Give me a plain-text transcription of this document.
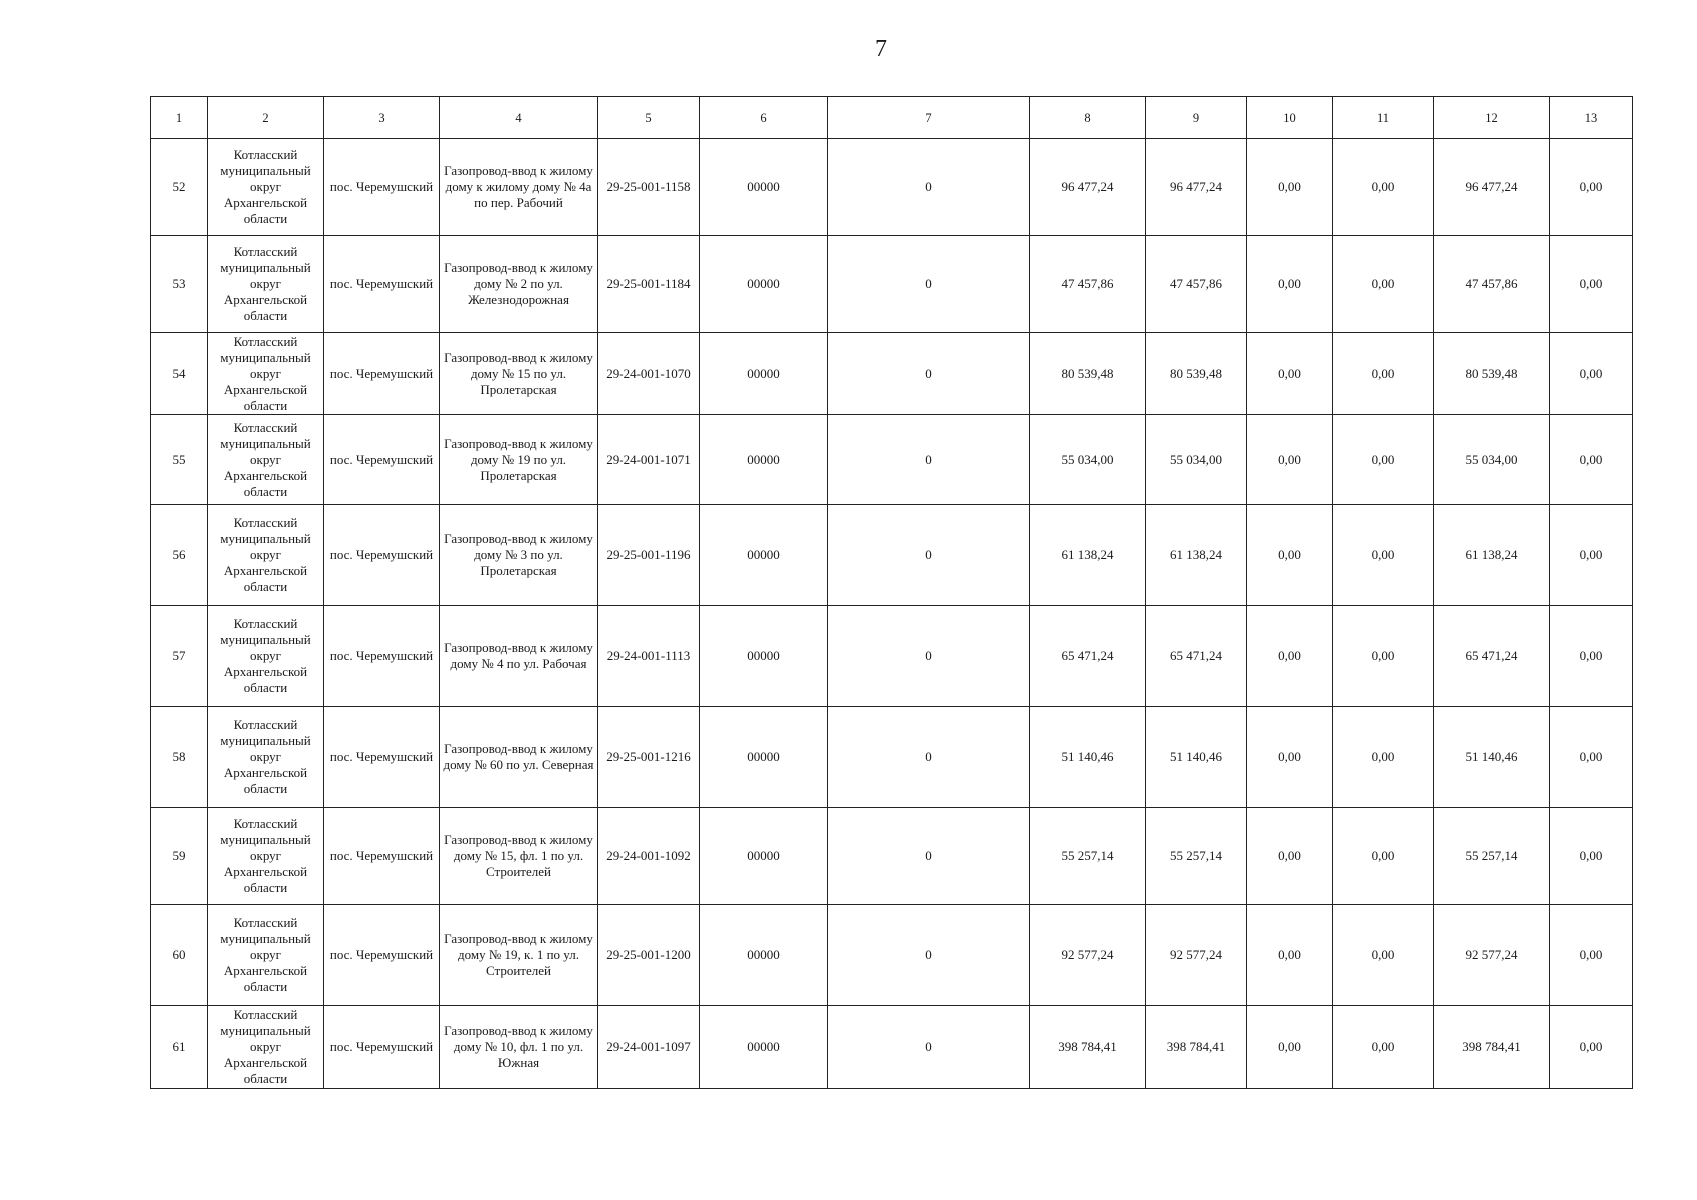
7
1	2	3	4	5	6	7	8	9	10	11	12	13
52	Котласский муниципальный округ Архангельской области	пос. Черемушский	Газопровод-ввод к жилому дому к жилому дому № 4а по пер. Рабочий	29-25-001-1158	00000	0	96 477,24	96 477,24	0,00	0,00	96 477,24	0,00
53	Котласский муниципальный округ Архангельской области	пос. Черемушский	Газопровод-ввод к жилому дому № 2 по ул. Железнодорожная	29-25-001-1184	00000	0	47 457,86	47 457,86	0,00	0,00	47 457,86	0,00
54	Котласский муниципальный округ Архангельской области	пос. Черемушский	Газопровод-ввод к жилому дому № 15 по ул. Пролетарская	29-24-001-1070	00000	0	80 539,48	80 539,48	0,00	0,00	80 539,48	0,00
55	Котласский муниципальный округ Архангельской области	пос. Черемушский	Газопровод-ввод к жилому дому № 19 по ул. Пролетарская	29-24-001-1071	00000	0	55 034,00	55 034,00	0,00	0,00	55 034,00	0,00
56	Котласский муниципальный округ Архангельской области	пос. Черемушский	Газопровод-ввод к жилому дому № 3 по ул. Пролетарская	29-25-001-1196	00000	0	61 138,24	61 138,24	0,00	0,00	61 138,24	0,00
57	Котласский муниципальный округ Архангельской области	пос. Черемушский	Газопровод-ввод к жилому дому № 4 по ул. Рабочая	29-24-001-1113	00000	0	65 471,24	65 471,24	0,00	0,00	65 471,24	0,00
58	Котласский муниципальный округ Архангельской области	пос. Черемушский	Газопровод-ввод к жилому дому № 60 по ул. Северная	29-25-001-1216	00000	0	51 140,46	51 140,46	0,00	0,00	51 140,46	0,00
59	Котласский муниципальный округ Архангельской области	пос. Черемушский	Газопровод-ввод к жилому дому № 15, фл. 1 по ул. Строителей	29-24-001-1092	00000	0	55 257,14	55 257,14	0,00	0,00	55 257,14	0,00
60	Котласский муниципальный округ Архангельской области	пос. Черемушский	Газопровод-ввод к жилому дому № 19, к. 1 по ул. Строителей	29-25-001-1200	00000	0	92 577,24	92 577,24	0,00	0,00	92 577,24	0,00
61	Котласский муниципальный округ Архангельской области	пос. Черемушский	Газопровод-ввод к жилому дому № 10, фл. 1 по ул. Южная	29-24-001-1097	00000	0	398 784,41	398 784,41	0,00	0,00	398 784,41	0,00
